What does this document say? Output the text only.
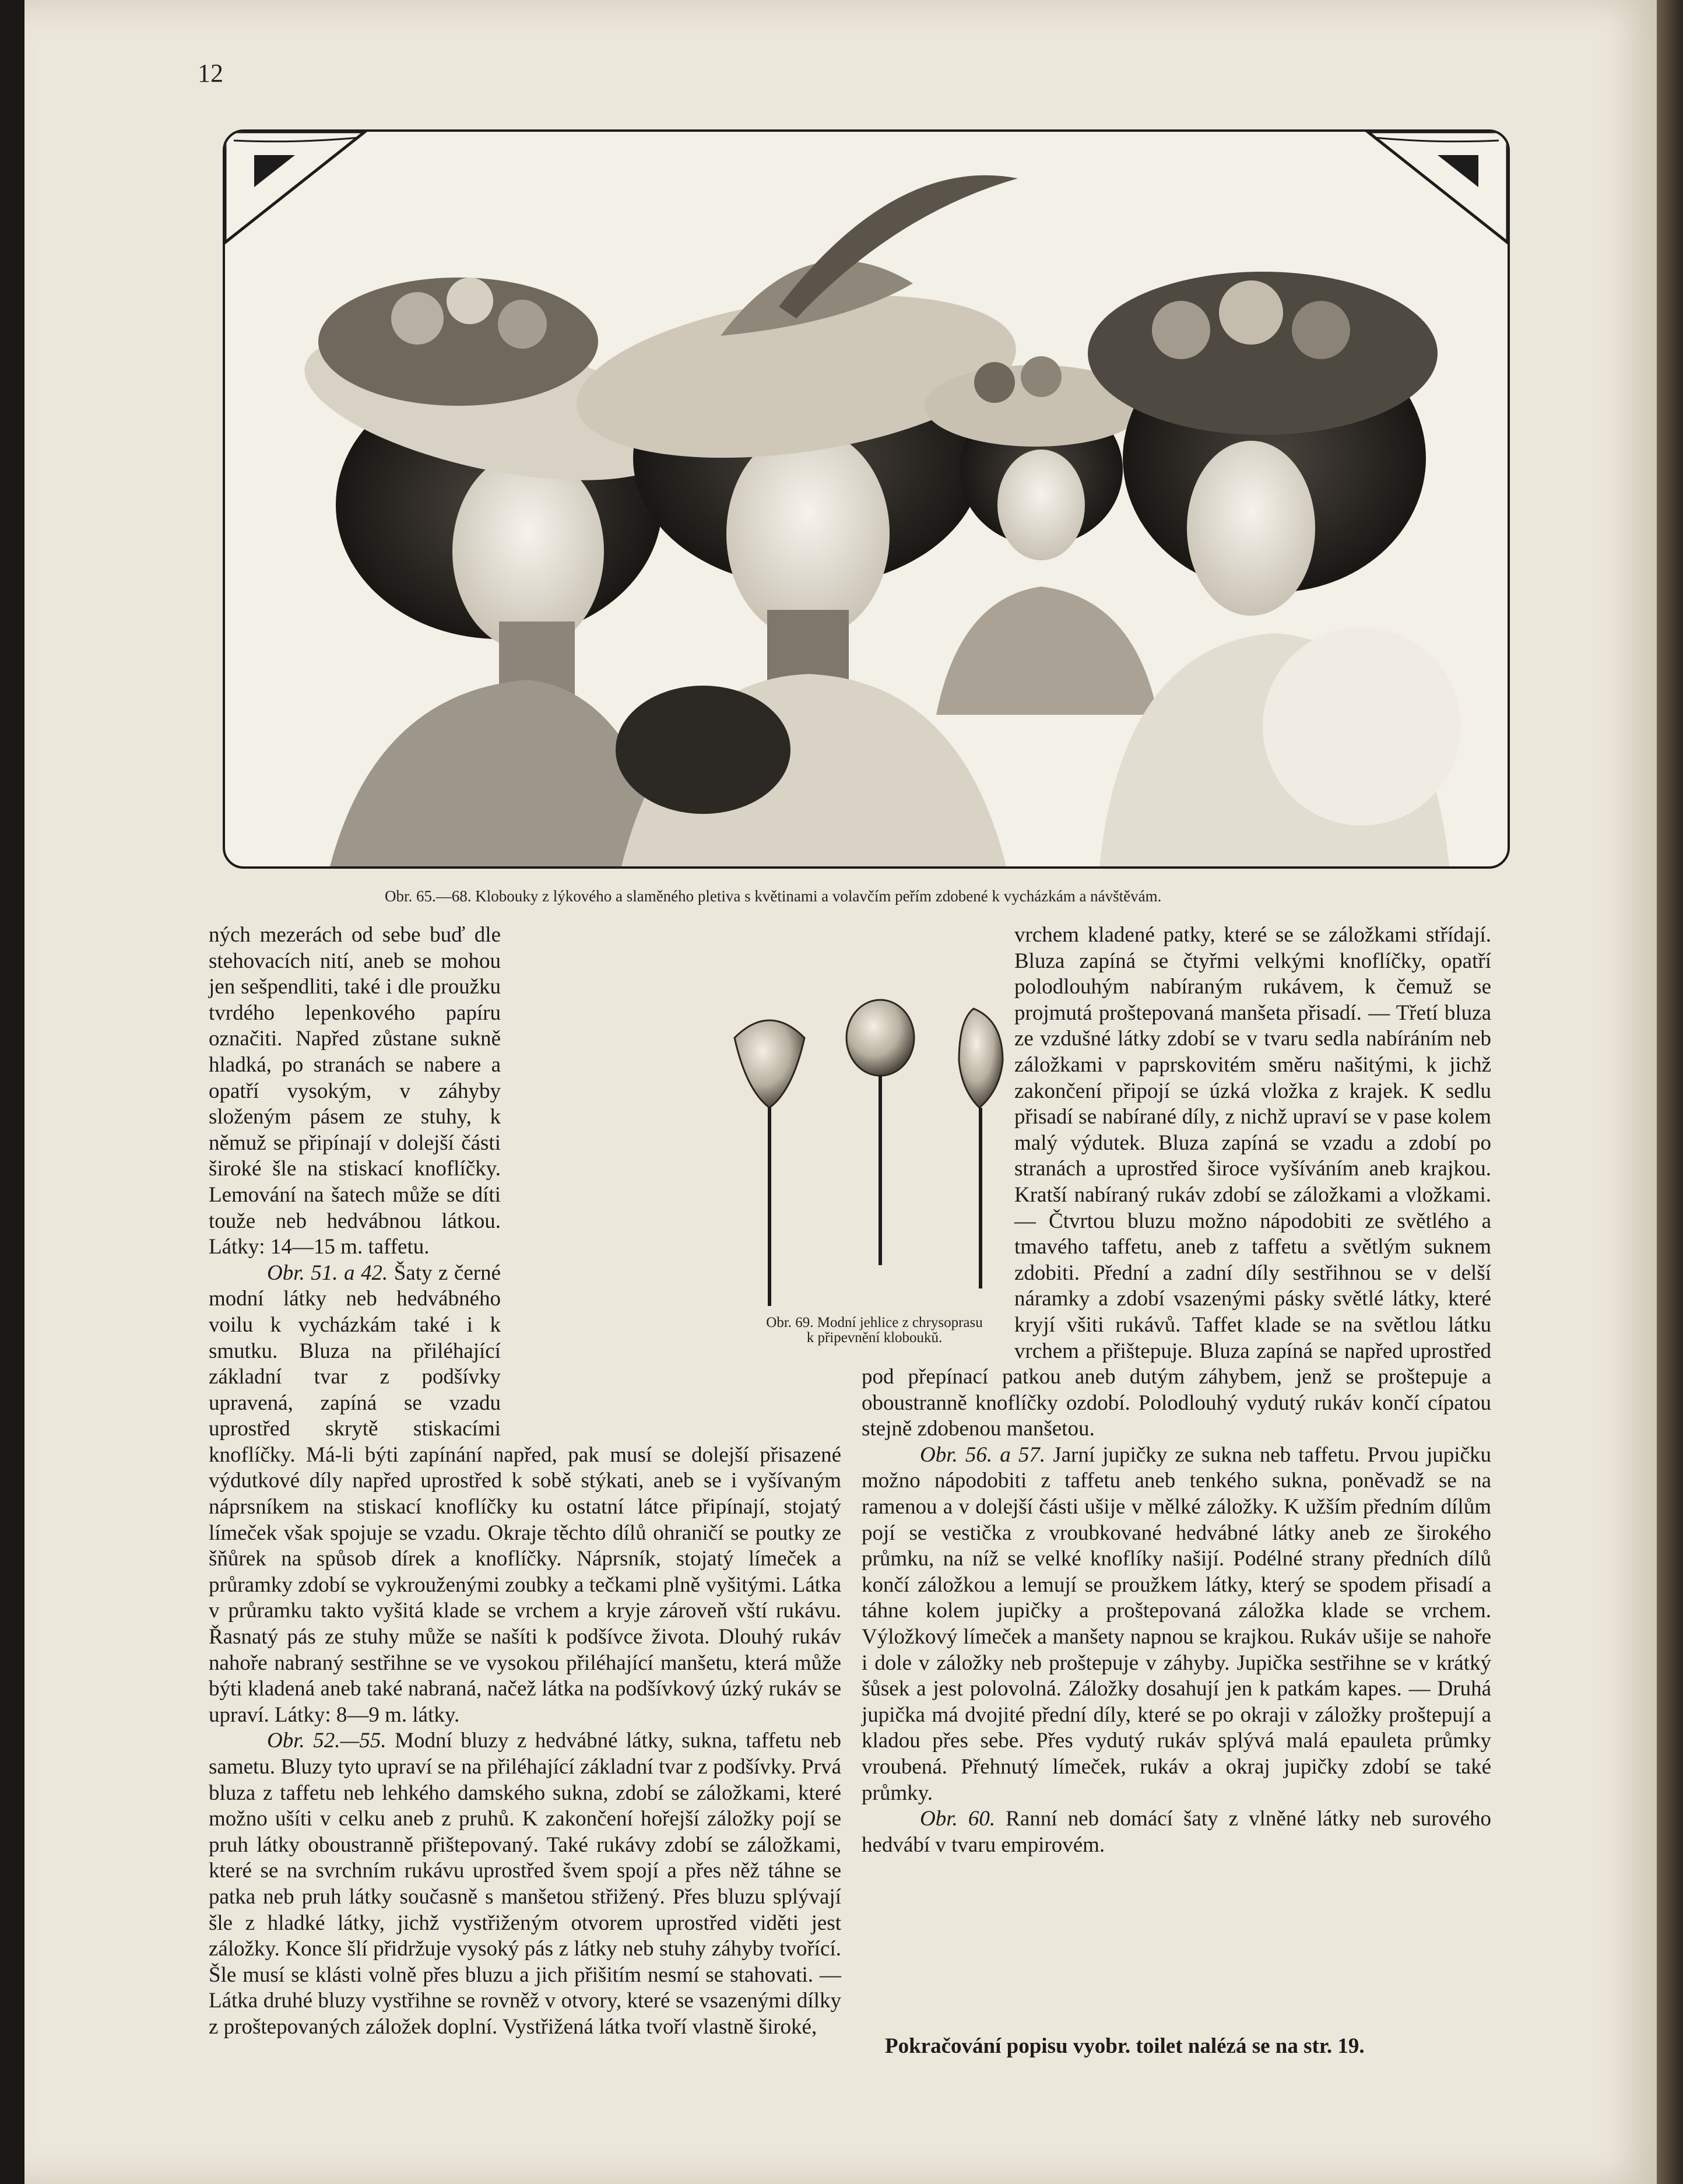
12
Obr. 65.—68. Klobouky z lýkového a slaměného pletiva s květinami a volavčím peřím zdobené k vycházkám a návštěvám.

ných mezerách od sebe buď dle stehovacích nití, aneb se mohou jen sešpendliti, také i dle proužku tvrdého lepenkového papíru označiti. Napřed zůstane sukně hladká, po stranách se nabere a opatří vysokým, v záhyby složeným pásem ze stuhy, k němuž se připínají v dolejší části široké šle na stiskací knoflíčky. Lemování na šatech může se díti touže neb hedvábnou látkou. Látky: 14—15 m. taffetu.

Obr. 51. a 42. Šaty z černé modní látky neb hedvábného voilu k vycházkám také i k smutku. Bluza na přiléhající základní tvar z podšívky upravená, zapíná se vzadu uprostřed skrytě stiskacími knoflíčky. Má-li býti zapínání napřed, pak musí se dolejší přisazené výdutkové díly napřed uprostřed k sobě stýkati, aneb se i vyšívaným náprsníkem na stiskací knoflíčky ku ostatní látce připínají, stojatý límeček však spojuje se vzadu. Okraje těchto dílů ohraničí se poutky ze šňůrek na spůsob dírek a knoflíčky. Náprsník, stojatý límeček a průramky zdobí se vykrouženými zoubky a tečkami plně vyšitými. Látka v průramku takto vyšitá klade se vrchem a kryje zároveň vští rukávu. Řasnatý pás ze stuhy může se našíti k podšívce života. Dlouhý rukáv nahoře nabraný sestřihne se ve vysokou přiléhající manšetu, která může býti kladená aneb také nabraná, načež látka na podšívkový úzký rukáv se upraví. Látky: 8—9 m. látky.

Obr. 52.—55. Modní bluzy z hedvábné látky, sukna, taffetu neb sametu. Bluzy tyto upraví se na přiléhající základní tvar z podšívky. Prvá bluza z taffetu neb lehkého damského sukna, zdobí se záložkami, které možno ušíti v celku aneb z pruhů. K zakončení hořejší záložky pojí se pruh látky oboustranně přištepovaný. Také rukávy zdobí se záložkami, které se na svrchním rukávu uprostřed švem spojí a přes něž táhne se patka neb pruh látky současně s manšetou střižený. Přes bluzu splývají šle z hladké látky, jichž vystřiženým otvorem uprostřed viděti jest záložky. Konce šlí přidržuje vysoký pás z látky neb stuhy záhyby tvořící. Šle musí se klásti volně přes bluzu a jich přišitím nesmí se stahovati. — Látka druhé bluzy vystřihne se rovněž v otvory, které se vsazenými dílky z proštepovaných záložek doplní. Vystřižená látka tvoří vlastně široké,

Obr. 69. Modní jehlice z chrysoprasu
k připevnění kloboukŭ.

vrchem kladené patky, které se se záložkami střídají. Bluza zapíná se čtyřmi velkými knoflíčky, opatří polodlouhým nabíraným rukávem, k čemuž se projmutá proštepovaná manšeta přisadí. — Třetí bluza ze vzdušné látky zdobí se v tvaru sedla nabíráním neb záložkami v paprskovitém směru našitými, k jichž zakončení připojí se úzká vložka z krajek. K sedlu přisadí se nabírané díly, z nichž upraví se v pase kolem malý výdutek. Bluza zapíná se vzadu a zdobí po stranách a uprostřed široce vyšíváním aneb krajkou. Kratší nabíraný rukáv zdobí se záložkami a vložkami. — Čtvrtou bluzu možno nápodobiti ze světlého a tmavého taffetu, aneb z taffetu a světlým suknem zdobiti. Přední a zadní díly sestřihnou se v delší náramky a zdobí vsazenými pásky světlé látky, které kryjí všiti rukávů. Taffet klade se na světlou látku vrchem a přištepuje. Bluza zapíná se napřed uprostřed pod přepínací patkou aneb dutým záhybem, jenž se proštepuje a oboustranně knoflíčky ozdobí. Polodlouhý vydutý rukáv končí cípatou stejně zdobenou manšetou.

Obr. 56. a 57. Jarní jupičky ze sukna neb taffetu. Prvou jupičku možno nápodobiti z taffetu aneb tenkého sukna, poněvadž se na ramenou a v dolejší části ušije v mělké záložky. K užším předním dílům pojí se vestička z vroubkované hedvábné látky aneb ze širokého průmku, na níž se velké knoflíky našijí. Podélné strany předních dílů končí záložkou a lemují se proužkem látky, který se spodem přisadí a táhne kolem jupičky a proštepovaná záložka klade se vrchem. Výložkový límeček a manšety napnou se krajkou. Rukáv ušije se nahoře i dole v záložky neb proštepuje v záhyby. Jupička sestřihne se v krátký šůsek a jest polovolná. Záložky dosahují jen k patkám kapes. — Druhá jupička má dvojité přední díly, které se po okraji v záložky proštepují a kladou přes sebe. Přes vydutý rukáv splývá malá epauleta průmky vroubená. Přehnutý límeček, rukáv a okraj jupičky zdobí se také průmky.

Obr. 60. Ranní neb domácí šaty z vlněné látky neb surového hedvábí v tvaru empirovém.

Pokračování popisu vyobr. toilet nalézá se na str. 19.
